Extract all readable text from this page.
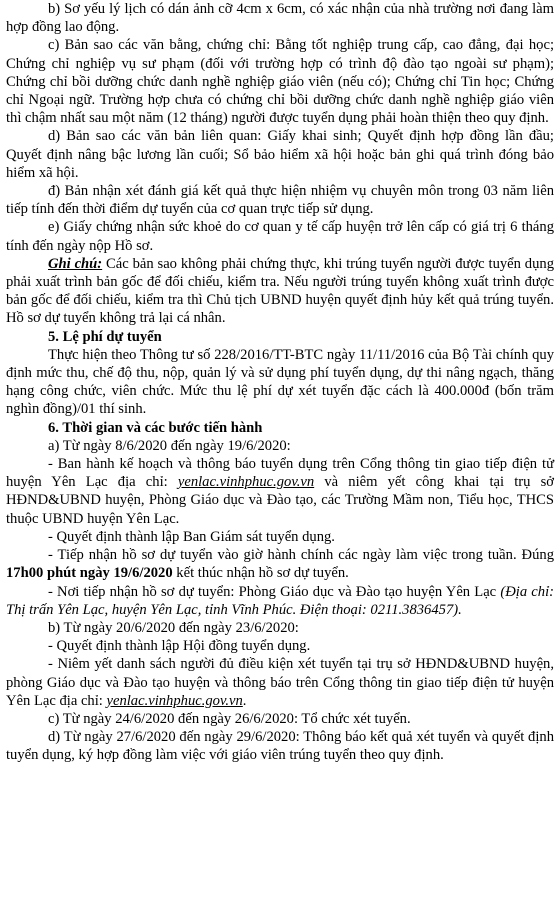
b) Sơ yếu lý lịch có dán ảnh cỡ 4cm x 6cm, có xác nhận của nhà trường nơi đang làm hợp đồng lao động.

c) Bản sao các văn bằng, chứng chỉ: Bằng tốt nghiệp trung cấp, cao đẳng, đại học; Chứng chỉ nghiệp vụ sư phạm (đối với trường hợp có trình độ đào tạo ngoài sư phạm); Chứng chỉ bồi dưỡng chức danh nghề nghiệp giáo viên (nếu có); Chứng chỉ Tin học; Chứng chỉ Ngoại ngữ. Trường hợp chưa có chứng chỉ bồi dưỡng chức danh nghề nghiệp giáo viên thì chậm nhất sau một năm (12 tháng) người được tuyển dụng phải hoàn thiện theo quy định.

d) Bản sao các văn bản liên quan: Giấy khai sinh; Quyết định hợp đồng lần đầu; Quyết định nâng bậc lương lần cuối; Sổ bảo hiểm xã hội hoặc bản ghi quá trình đóng bảo hiểm xã hội.

đ) Bản nhận xét đánh giá kết quả thực hiện nhiệm vụ chuyên môn trong 03 năm liên tiếp tính đến thời điểm dự tuyển của cơ quan trực tiếp sử dụng.

e) Giấy chứng nhận sức khoẻ do cơ quan y tế cấp huyện trở lên cấp có giá trị 6 tháng tính đến ngày nộp Hồ sơ.

Ghi chú: Các bản sao không phải chứng thực, khi trúng tuyển người được tuyển dụng phải xuất trình bản gốc để đối chiếu, kiểm tra. Nếu người trúng tuyển không xuất trình được bản gốc để đối chiếu, kiểm tra thì Chủ tịch UBND huyện quyết định hủy kết quả trúng tuyển. Hồ sơ dự tuyển không trả lại cá nhân.

5. Lệ phí dự tuyển

Thực hiện theo Thông tư số 228/2016/TT-BTC ngày 11/11/2016 của Bộ Tài chính quy định mức thu, chế độ thu, nộp, quản lý và sử dụng phí tuyển dụng, dự thi nâng ngạch, thăng hạng công chức, viên chức. Mức thu lệ phí dự xét tuyển đặc cách là 400.000đ (bốn trăm nghìn đồng)/01 thí sinh.

6. Thời gian và các bước tiến hành

a) Từ ngày 8/6/2020 đến ngày 19/6/2020:

- Ban hành kế hoạch và thông báo tuyển dụng trên Cổng thông tin giao tiếp điện tử huyện Yên Lạc địa chỉ: yenlac.vinhphuc.gov.vn và niêm yết công khai tại trụ sở HĐND&UBND huyện, Phòng Giáo dục và Đào tạo, các Trường Mầm non, Tiểu học, THCS thuộc UBND huyện Yên Lạc.

- Quyết định thành lập Ban Giám sát tuyển dụng.

- Tiếp nhận hồ sơ dự tuyển vào giờ hành chính các ngày làm việc trong tuần. Đúng 17h00 phút ngày 19/6/2020 kết thúc nhận hồ sơ dự tuyển.

- Nơi tiếp nhận hồ sơ dự tuyển: Phòng Giáo dục và Đào tạo huyện Yên Lạc (Địa chỉ: Thị trấn Yên Lạc, huyện Yên Lạc, tỉnh Vĩnh Phúc. Điện thoại: 0211.3836457).

b) Từ ngày 20/6/2020 đến ngày 23/6/2020:

- Quyết định thành lập Hội đồng tuyển dụng.

- Niêm yết danh sách người đủ điều kiện xét tuyển tại trụ sở HĐND&UBND huyện, phòng Giáo dục và Đào tạo huyện và thông báo trên Cổng thông tin giao tiếp điện tử huyện Yên Lạc địa chỉ: yenlac.vinhphuc.gov.vn.

c) Từ ngày 24/6/2020 đến ngày 26/6/2020: Tổ chức xét tuyển.

d) Từ ngày 27/6/2020 đến ngày 29/6/2020: Thông báo kết quả xét tuyển và quyết định tuyển dụng, ký hợp đồng làm việc với giáo viên trúng tuyển theo quy định.
